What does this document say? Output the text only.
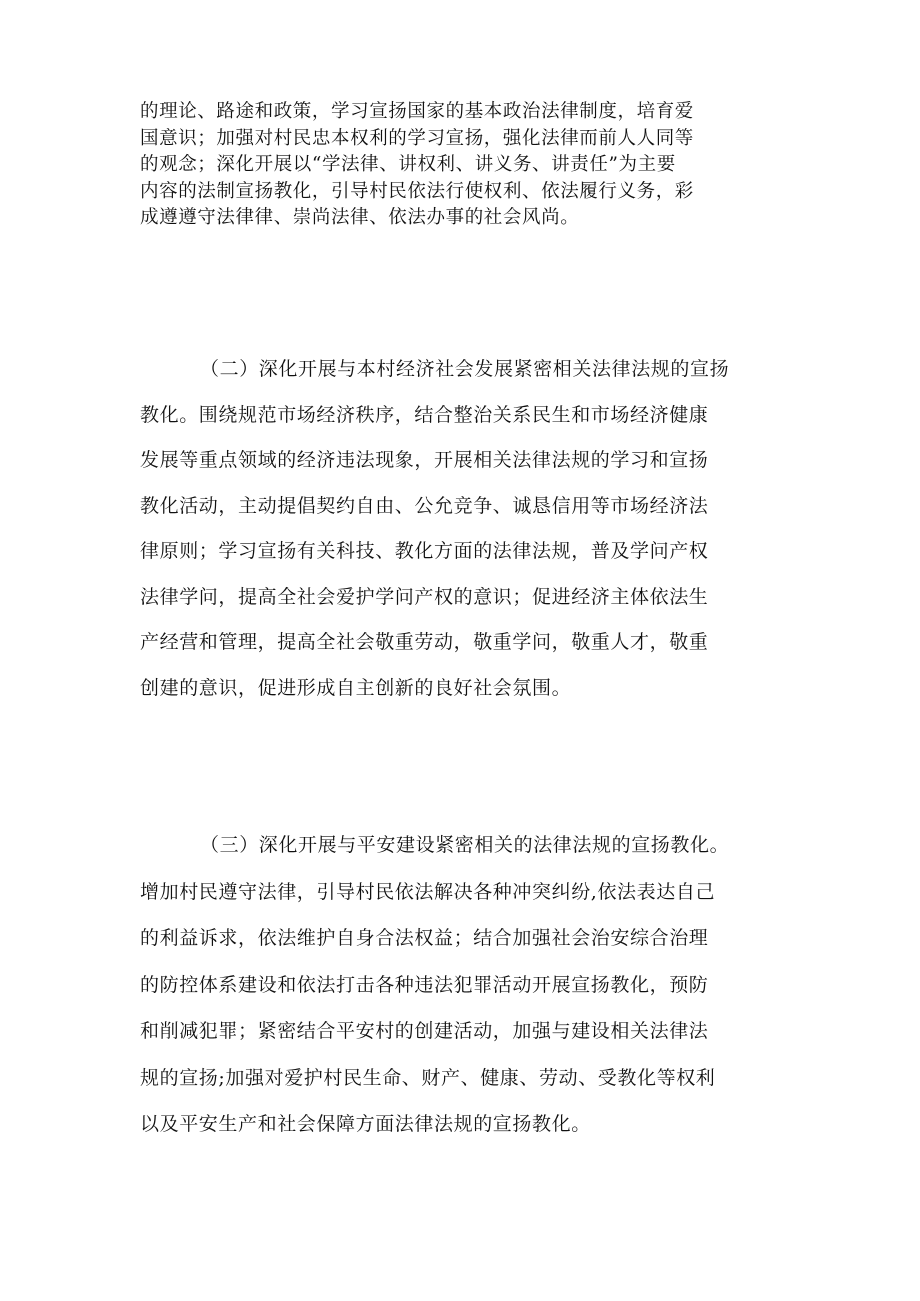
的理论、路途和政策，学习宣扬国家的基本政治法律制度，培育爱
国意识；加强对村民忠本权利的学习宣扬，强化法律而前人人同等
的观念；深化开展以“学法律、讲权利、讲义务、讲责任”为主要
内容的法制宣扬教化，引导村民依法行使权利、依法履行义务，彩
成遵遵守法律律、崇尚法律、依法办事的社会风尚。

（二）深化开展与本村经济社会发展紧密相关法律法规的宣扬
教化。围绕规范市场经济秩序，结合整治关系民生和市场经济健康
发展等重点领域的经济违法现象，开展相关法律法规的学习和宣扬
教化活动，主动提倡契约自由、公允竞争、诚恳信用等市场经济法
律原则；学习宣扬有关科技、教化方面的法律法规，普及学问产权
法律学问，提高全社会爱护学问产权的意识；促进经济主体依法生
产经营和管理，提高全社会敬重劳动，敬重学问，敬重人才，敬重
创建的意识，促进形成自主创新的良好社会氛围。

（三）深化开展与平安建设紧密相关的法律法规的宣扬教化。
增加村民遵守法律，引导村民依法解决各种冲突纠纷,依法表达自己
的利益诉求，依法维护自身合法权益；结合加强社会治安综合治理
的防控体系建设和依法打击各种违法犯罪活动开展宣扬教化，预防
和削减犯罪；紧密结合平安村的创建活动，加强与建设相关法律法
规的宣扬;加强对爱护村民生命、财产、健康、劳动、受教化等权利
以及平安生产和社会保障方面法律法规的宣扬教化。
